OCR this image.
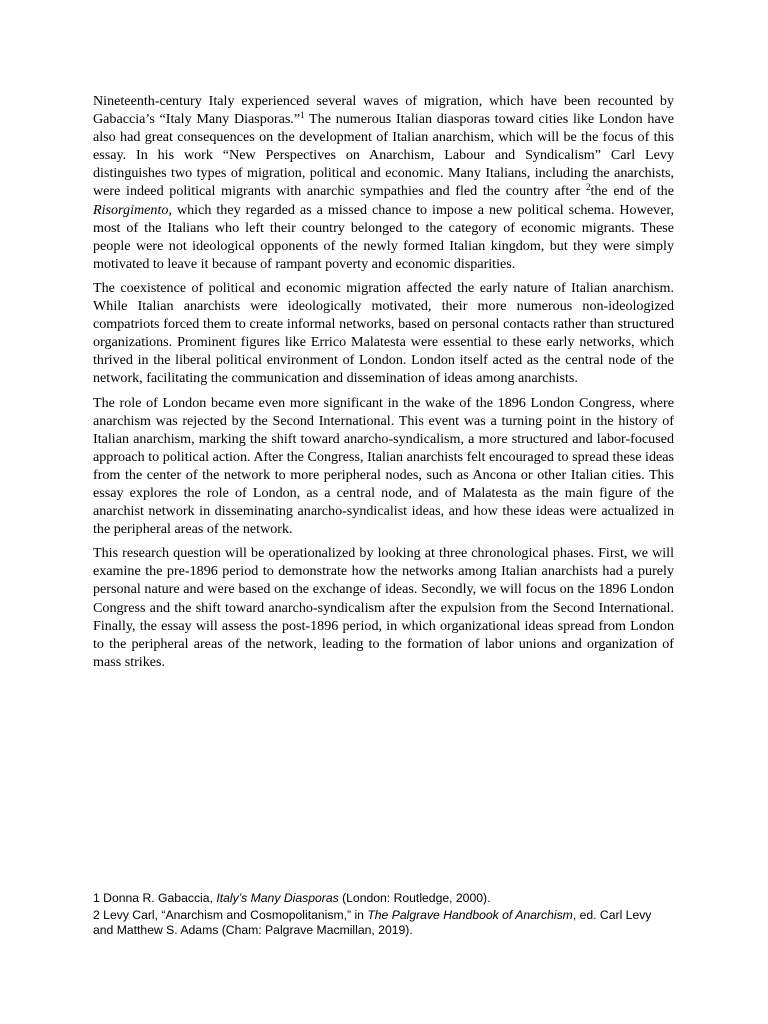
Nineteenth-century Italy experienced several waves of migration, which have been recounted by Gabaccia’s “Italy Many Diasporas.”$^1$ The numerous Italian diasporas toward cities like London have also had great consequences on the development of Italian anarchism, which will be the focus of this essay. In his work “New Perspectives on Anarchism, Labour and Syndicalism” Carl Levy distinguishes two types of migration, political and economic. Many Italians, including the anarchists, were indeed political migrants with anarchic sympathies and fled the country after $^2$the end of the Risorgimento, which they regarded as a missed chance to impose a new political schema. However, most of the Italians who left their country belonged to the category of economic migrants. These people were not ideological opponents of the newly formed Italian kingdom, but they were simply motivated to leave it because of rampant poverty and economic disparities.

The coexistence of political and economic migration affected the early nature of Italian anarchism. While Italian anarchists were ideologically motivated, their more numerous non-ideologized compatriots forced them to create informal networks, based on personal contacts rather than structured organizations. Prominent figures like Errico Malatesta were essential to these early networks, which thrived in the liberal political environment of London. London itself acted as the central node of the network, facilitating the communication and dissemination of ideas among anarchists.

The role of London became even more significant in the wake of the 1896 London Congress, where anarchism was rejected by the Second International. This event was a turning point in the history of Italian anarchism, marking the shift toward anarcho-syndicalism, a more structured and labor-focused approach to political action. After the Congress, Italian anarchists felt encouraged to spread these ideas from the center of the network to more peripheral nodes, such as Ancona or other Italian cities. This essay explores the role of London, as a central node, and of Malatesta as the main figure of the anarchist network in disseminating anarcho-syndicalist ideas, and how these ideas were actualized in the peripheral areas of the network.

This research question will be operationalized by looking at three chronological phases. First, we will examine the pre-1896 period to demonstrate how the networks among Italian anarchists had a purely personal nature and were based on the exchange of ideas. Secondly, we will focus on the 1896 London Congress and the shift toward anarcho-syndicalism after the expulsion from the Second International. Finally, the essay will assess the post-1896 period, in which organizational ideas spread from London to the peripheral areas of the network, leading to the formation of labor unions and organization of mass strikes.

1 Donna R. Gabaccia, Italy’s Many Diasporas (London: Routledge, 2000).
2 Levy Carl, “Anarchism and Cosmopolitanism,” in The Palgrave Handbook of Anarchism, ed. Carl Levy and Matthew S. Adams (Cham: Palgrave Macmillan, 2019).
